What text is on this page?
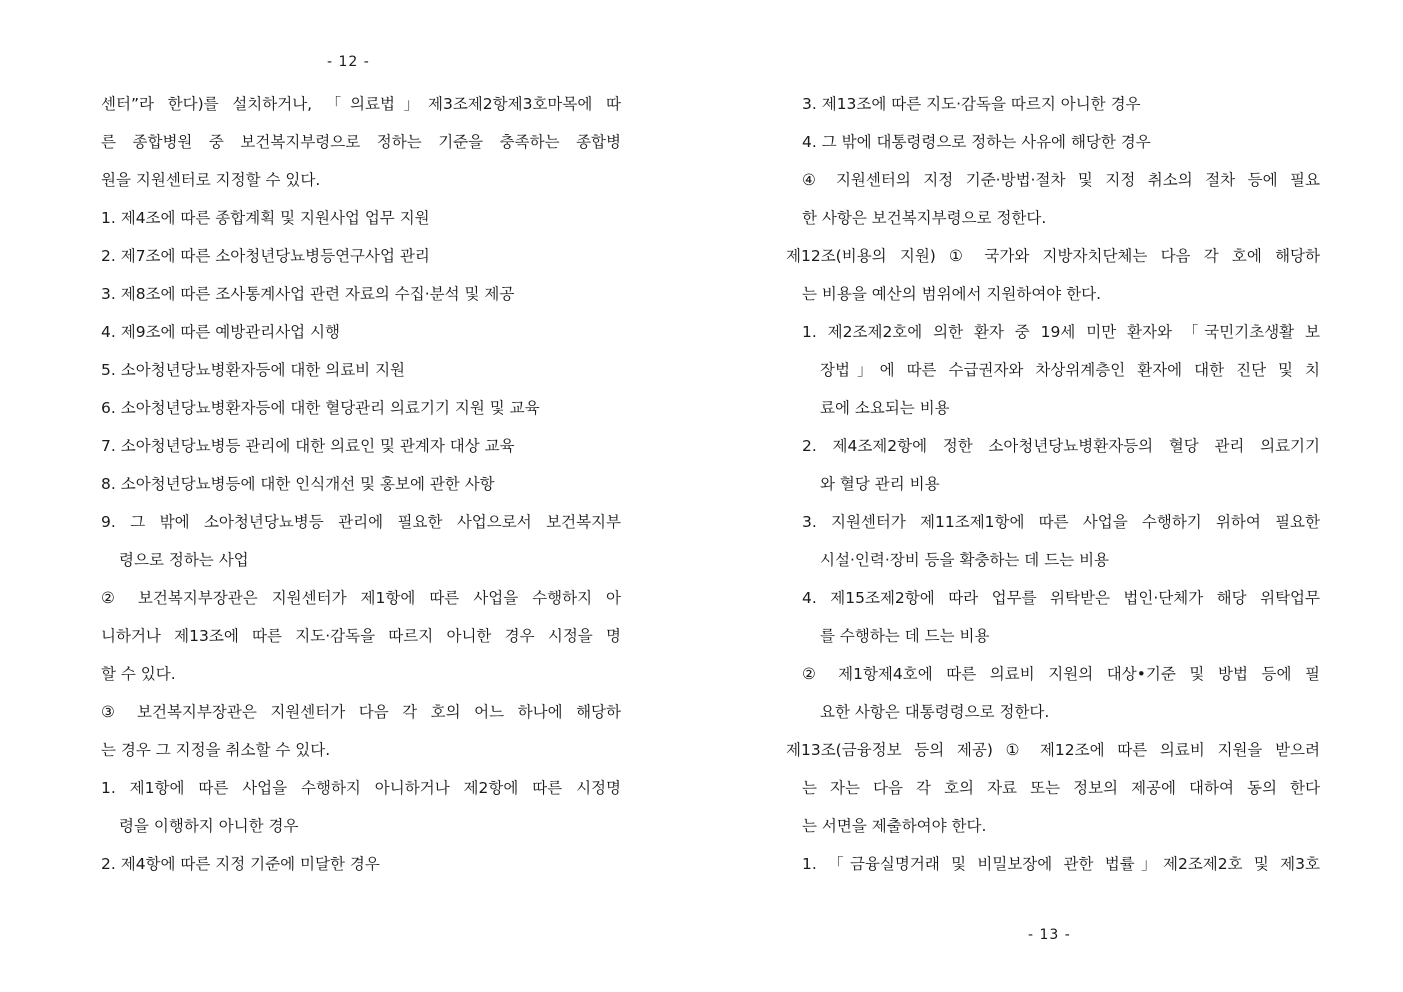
- 12 -
- 13 -
센터”라 한다)를 설치하거나, 「의료법」제3조제2항제3호마목에 따
른 종합병원 중 보건복지부령으로 정하는 기준을 충족하는 종합병
원을 지원센터로 지정할 수 있다.
1. 제4조에 따른 종합계획 및 지원사업 업무 지원
2. 제7조에 따른 소아청년당뇨병등연구사업 관리
3. 제8조에 따른 조사통계사업 관련 자료의 수집·분석 및 제공
4. 제9조에 따른 예방관리사업 시행
5. 소아청년당뇨병환자등에 대한 의료비 지원
6. 소아청년당뇨병환자등에 대한 혈당관리 의료기기 지원 및 교육
7. 소아청년당뇨병등 관리에 대한 의료인 및 관계자 대상 교육
8. 소아청년당뇨병등에 대한 인식개선 및 홍보에 관한 사항
9. 그 밖에 소아청년당뇨병등 관리에 필요한 사업으로서 보건복지부
령으로 정하는 사업
② 보건복지부장관은 지원센터가 제1항에 따른 사업을 수행하지 아
니하거나 제13조에 따른 지도·감독을 따르지 아니한 경우 시정을 명
할 수 있다.
③ 보건복지부장관은 지원센터가 다음 각 호의 어느 하나에 해당하
는 경우 그 지정을 취소할 수 있다.
1. 제1항에 따른 사업을 수행하지 아니하거나 제2항에 따른 시정명
령을 이행하지 아니한 경우
2. 제4항에 따른 지정 기준에 미달한 경우
3. 제13조에 따른 지도·감독을 따르지 아니한 경우
4. 그 밖에 대통령령으로 정하는 사유에 해당한 경우
④ 지원센터의 지정 기준·방법·절차 및 지정 취소의 절차 등에 필요
한 사항은 보건복지부령으로 정한다.
제12조(비용의 지원) ① 국가와 지방자치단체는 다음 각 호에 해당하
는 비용을 예산의 범위에서 지원하여야 한다.
1. 제2조제2호에 의한 환자 중 19세 미만 환자와 「국민기초생활 보
장법」에 따른 수급권자와 차상위계층인 환자에 대한 진단 및 치
료에 소요되는 비용
2. 제4조제2항에 정한 소아청년당뇨병환자등의 혈당 관리 의료기기
와 혈당 관리 비용
3. 지원센터가 제11조제1항에 따른 사업을 수행하기 위하여 필요한
시설·인력·장비 등을 확충하는 데 드는 비용
4. 제15조제2항에 따라 업무를 위탁받은 법인·단체가 해당 위탁업무
를 수행하는 데 드는 비용
② 제1항제4호에 따른 의료비 지원의 대상•기준 및 방법 등에 필
요한 사항은 대통령령으로 정한다.
제13조(금융정보 등의 제공) ① 제12조에 따른 의료비 지원을 받으려
는 자는 다음 각 호의 자료 또는 정보의 제공에 대하여 동의 한다
는 서면을 제출하여야 한다.
1. 「금융실명거래 및 비밀보장에 관한 법률」제2조제2호 및 제3호
